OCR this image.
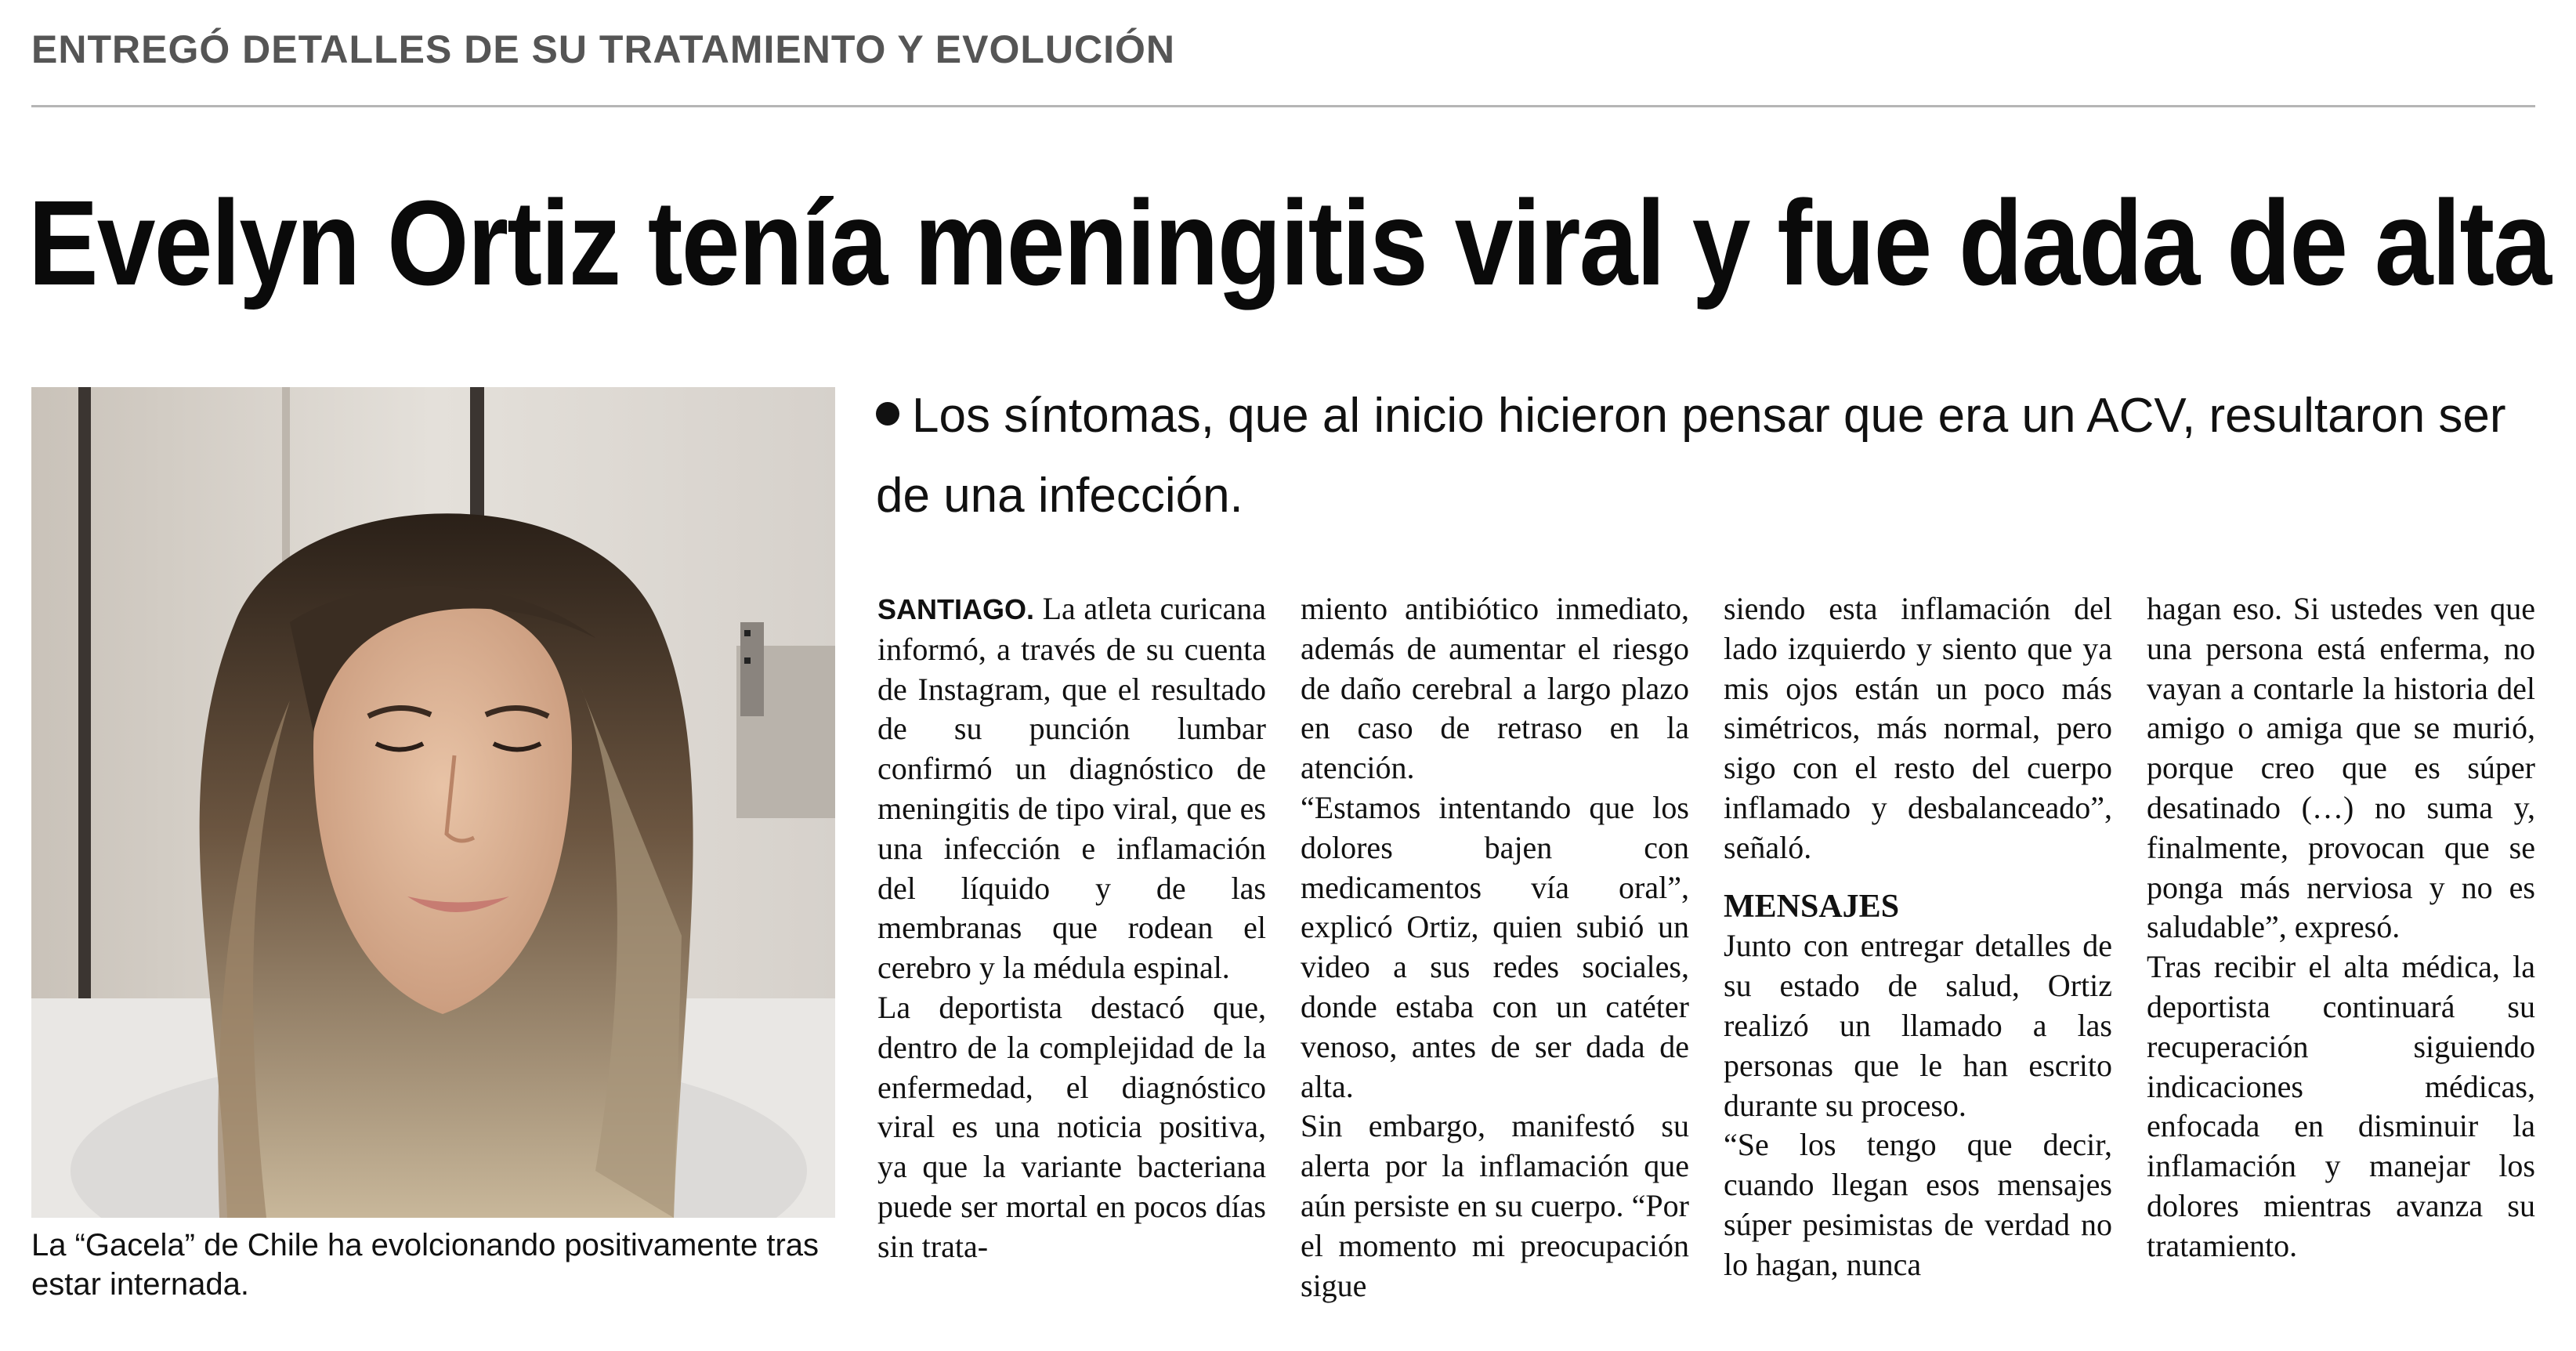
ENTREGÓ DETALLES DE SU TRATAMIENTO Y EVOLUCIÓN
Evelyn Ortiz tenía meningitis viral y fue dada de alta
La “Gacela” de Chile ha evolcionando positivamente tras estar internada.
Los síntomas, que al inicio hicieron pensar que era un ACV, resultaron ser de una infección.

SANTIAGO. La atleta curicana informó, a través de su cuenta de Instagram, que el resultado de su punción lumbar confirmó un diagnóstico de meningitis de tipo viral, que es una infección e inflamación del líquido y de las membranas que rodean el cerebro y la médula espinal.

La deportista destacó que, dentro de la complejidad de la enfermedad, el diagnóstico viral es una noticia positiva, ya que la variante bacteriana puede ser mortal en pocos días sin trata-

miento antibiótico inmediato, además de aumentar el riesgo de daño cerebral a largo plazo en caso de retraso en la atención.

“Estamos intentando que los dolores bajen con medicamentos vía oral”, explicó Ortiz, quien subió un video a sus redes sociales, donde estaba con un catéter venoso, antes de ser dada de alta.

Sin embargo, manifestó su alerta por la inflamación que aún persiste en su cuerpo. “Por el momento mi preocupación sigue

siendo esta inflamación del lado izquierdo y siento que ya mis ojos están un poco más simétricos, más normal, pero sigo con el resto del cuerpo inflamado y desbalanceado”, señaló.

MENSAJES

Junto con entregar detalles de su estado de salud, Ortiz realizó un llamado a las personas que le han escrito durante su proceso.

“Se los tengo que decir, cuando llegan esos mensajes súper pesimistas de verdad no lo hagan, nunca

hagan eso. Si ustedes ven que una persona está enferma, no vayan a contarle la historia del amigo o amiga que se murió, porque creo que es súper desatinado (…) no suma y, finalmente, provocan que se ponga más nerviosa y no es saludable”, expresó.

Tras recibir el alta médica, la deportista continuará su recuperación siguiendo indicaciones médicas, enfocada en disminuir la inflamación y manejar los dolores mientras avanza su tratamiento.
